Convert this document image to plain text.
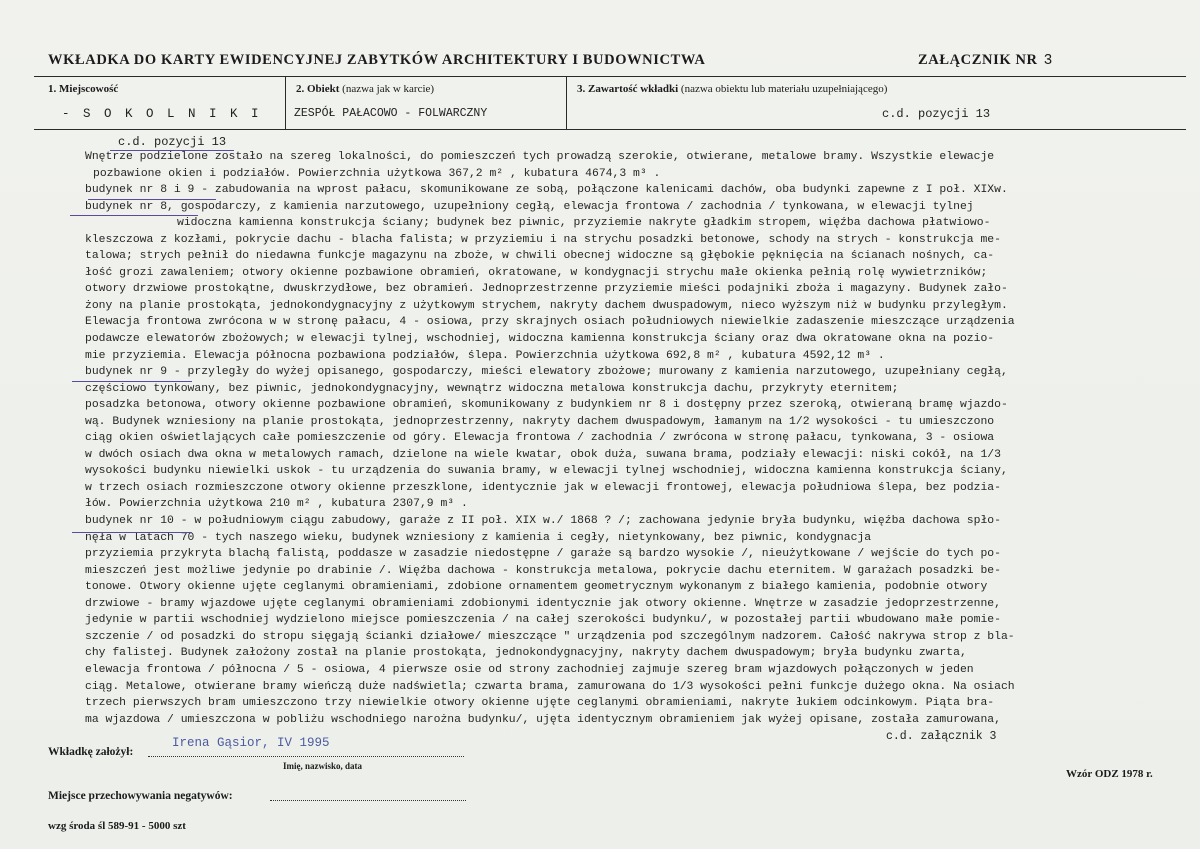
WKŁADKA DO KARTY EWIDENCYJNEJ ZABYTKÓW ARCHITEKTURY I BUDOWNICTWA	ZAŁĄCZNIK NR 3
1. Miejscowość
- S O K O L N I K I
2. Obiekt (nazwa jak w karcie)
ZESPÓŁ PAŁACOWO - FOLWARCZNY
3. Zawartość wkładki (nazwa obiektu lub materiału uzupełniającego)
c.d. pozycji 13
c.d. pozycji 13
Wnętrze podzielone zostało na szereg lokalności, do pomieszczeń tych prowadzą szerokie, otwierane, metalowe bramy. Wszystkie elewacje
pozbawione okien i podziałów. Powierzchnia użytkowa 367,2 m² , kubatura 4674,3 m³ .
budynek nr 8 i 9 - zabudowania na wprost pałacu, skomunikowane ze sobą, połączone kalenicami dachów, oba budynki zapewne z I poł. XIXw.
budynek nr 8, gospodarczy, z kamienia narzutowego, uzupełniony cegłą, elewacja frontowa / zachodnia / tynkowana, w elewacji tylnej
widoczna kamienna konstrukcja ściany; budynek bez piwnic, przyziemie nakryte gładkim stropem, więźba dachowa płatwiowo-
kleszczowa z kozłami, pokrycie dachu - blacha falista; w przyziemiu i na strychu posadzki betonowe, schody na strych - konstrukcja me-
talowa; strych pełnił do niedawna funkcje magazynu na zboże, w chwili obecnej widoczne są głębokie pęknięcia na ścianach nośnych, ca-
łość grozi zawaleniem; otwory okienne pozbawione obramień, okratowane, w kondygnacji strychu małe okienka pełnią rolę wywietrzników;
otwory drzwiowe prostokątne, dwuskrzydłowe, bez obramień. Jednoprzestrzenne przyziemie mieści podajniki zboża i magazyny. Budynek zało-
żony na planie prostokąta, jednokondygnacyjny z użytkowym strychem, nakryty dachem dwuspadowym, nieco wyższym niż w budynku przyległym.
Elewacja frontowa zwrócona w w stronę pałacu, 4 - osiowa, przy skrajnych osiach południowych niewielkie zadaszenie mieszczące urządzenia
podawcze elewatorów zbożowych; w elewacji tylnej, wschodniej, widoczna kamienna konstrukcja ściany oraz dwa okratowane okna na pozio-
mie przyziemia. Elewacja północna pozbawiona podziałów, ślepa. Powierzchnia użytkowa 692,8 m² , kubatura 4592,12 m³ .
budynek nr 9 - przyległy do wyżej opisanego, gospodarczy, mieści elewatory zbożowe; murowany z kamienia narzutowego, uzupełniany cegłą,
częściowo tynkowany, bez piwnic, jednokondygnacyjny, wewnątrz widoczna metalowa konstrukcja dachu, przykryty eternitem;
posadzka betonowa, otwory okienne pozbawione obramień, skomunikowany z budynkiem nr 8 i dostępny przez szeroką, otwieraną bramę wjazdo-
wą. Budynek wzniesiony na planie prostokąta, jednoprzestrzenny, nakryty dachem dwuspadowym, łamanym na 1/2 wysokości - tu umieszczono
ciąg okien oświetlających całe pomieszczenie od góry. Elewacja frontowa / zachodnia / zwrócona w stronę pałacu, tynkowana, 3 - osiowa
w dwóch osiach dwa okna w metalowych ramach, dzielone na wiele kwatar, obok duża, suwana brama, podziały elewacji: niski cokół, na 1/3
wysokości budynku niewielki uskok - tu urządzenia do suwania bramy, w elewacji tylnej wschodniej, widoczna kamienna konstrukcja ściany,
w trzech osiach rozmieszczone otwory okienne przeszklone, identycznie jak w elewacji frontowej, elewacja południowa ślepa, bez podzia-
łów. Powierzchnia użytkowa 210 m² , kubatura 2307,9 m³ .
budynek nr 10 - w południowym ciągu zabudowy, garaże z II poł. XIX w./ 1868 ? /; zachowana jedynie bryła budynku, więźba dachowa spło-
nęła w latach 70 - tych naszego wieku, budynek wzniesiony z kamienia i cegły, nietynkowany, bez piwnic, kondygnacja
przyziemia przykryta blachą falistą, poddasze w zasadzie niedostępne / garaże są bardzo wysokie /, nieużytkowane / wejście do tych po-
mieszczeń jest możliwe jedynie po drabinie /. Więźba dachowa - konstrukcja metalowa, pokrycie dachu eternitem. W garażach posadzki be-
tonowe. Otwory okienne ujęte ceglanymi obramieniami, zdobione ornamentem geometrycznym wykonanym z białego kamienia, podobnie otwory
drzwiowe - bramy wjazdowe ujęte ceglanymi obramieniami zdobionymi identycznie jak otwory okienne. Wnętrze w zasadzie jedoprzestrzenne,
jedynie w partii wschodniej wydzielono miejsce pomieszczenia / na całej szerokości budynku/, w pozostałej partii wbudowano małe pomie-
szczenie / od posadzki do stropu sięgają ścianki działowe/ mieszczące " urządzenia pod szczególnym nadzorem. Całość nakrywa strop z bla-
chy falistej. Budynek założony został na planie prostokąta, jednokondygnacyjny, nakryty dachem dwuspadowym; bryła budynku zwarta,
elewacja frontowa / północna / 5 - osiowa, 4 pierwsze osie od strony zachodniej zajmuje szereg bram wjazdowych połączonych w jeden
ciąg. Metalowe, otwierane bramy wieńczą duże nadświetla; czwarta brama, zamurowana do 1/3 wysokości pełni funkcje dużego okna. Na osiach
trzech pierwszych bram umieszczono trzy niewielkie otwory okienne ujęte ceglanymi obramieniami, nakryte łukiem odcinkowym. Piąta bra-
ma wjazdowa / umieszczona w pobliżu wschodniego narożna budynku/, ujęta identycznym obramieniem jak wyżej opisane, została zamurowana,
c.d. załącznik 3
Wkładkę założył:
Irena Gąsior, IV 1995
Imię, nazwisko, data
Wzór ODZ 1978 r.
Miejsce przechowywania negatywów:
wzg środa śl 589-91 - 5000 szt
